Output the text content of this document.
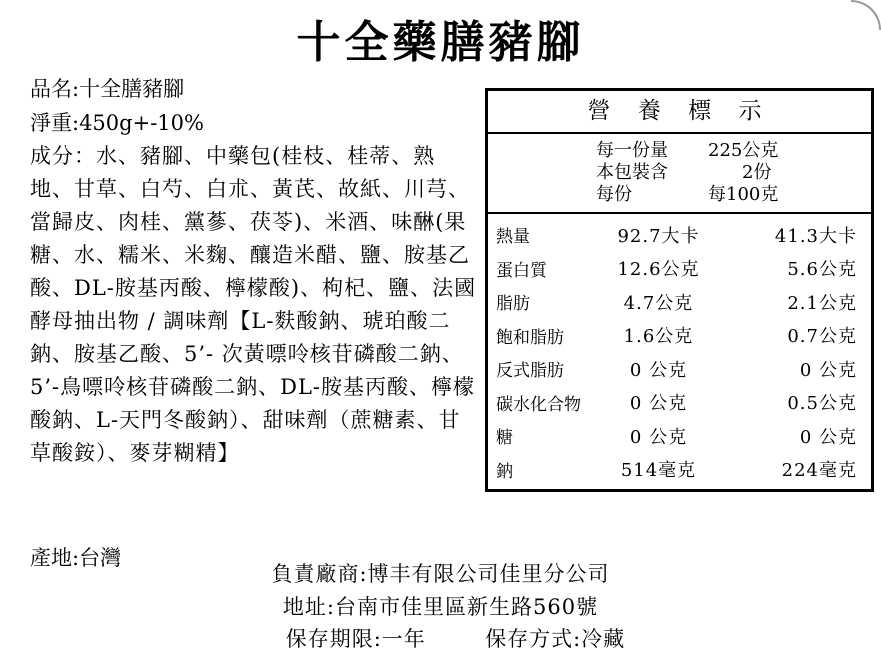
十全藥膳豬腳
品名:十全膳豬腳
淨重:450g+-10%
成分：水、豬腳、中藥包(桂枝、桂蒂、熟地、甘草、白芍、白朮、黃芪、故紙、川芎、當歸皮、肉桂、黨蔘、茯苓)、米酒、味醂(果糖、水、糯米、米麴、釀造米醋、鹽、胺基乙酸、DL-胺基丙酸、檸檬酸)、枸杞、鹽、法國酵母抽出物 / 調味劑【L-麩酸鈉、琥珀酸二鈉、胺基乙酸、5’- 次黃嘌呤核苷磷酸二鈉、5’-鳥嘌呤核苷磷酸二鈉、DL-胺基丙酸、檸檬酸鈉、L-天門冬酸鈉）、甜味劑（蔗糖素、甘草酸銨）、麥芽糊精】
產地:台灣
營 養 標 示
每一份量	225公克
本包裝含	2份
每份	每100克
熱量	92.7大卡	41.3大卡
蛋白質	12.6公克	5.6公克
脂肪	4.7公克	2.1公克
飽和脂肪	1.6公克	0.7公克
反式脂肪	0 公克	0 公克
碳水化合物	0 公克	0.5公克
糖	0 公克	0 公克
鈉	514毫克	224毫克
負責廠商:博丰有限公司佳里分公司
地址:台南市佳里區新生路560號
保存期限:一年	保存方式:冷藏
